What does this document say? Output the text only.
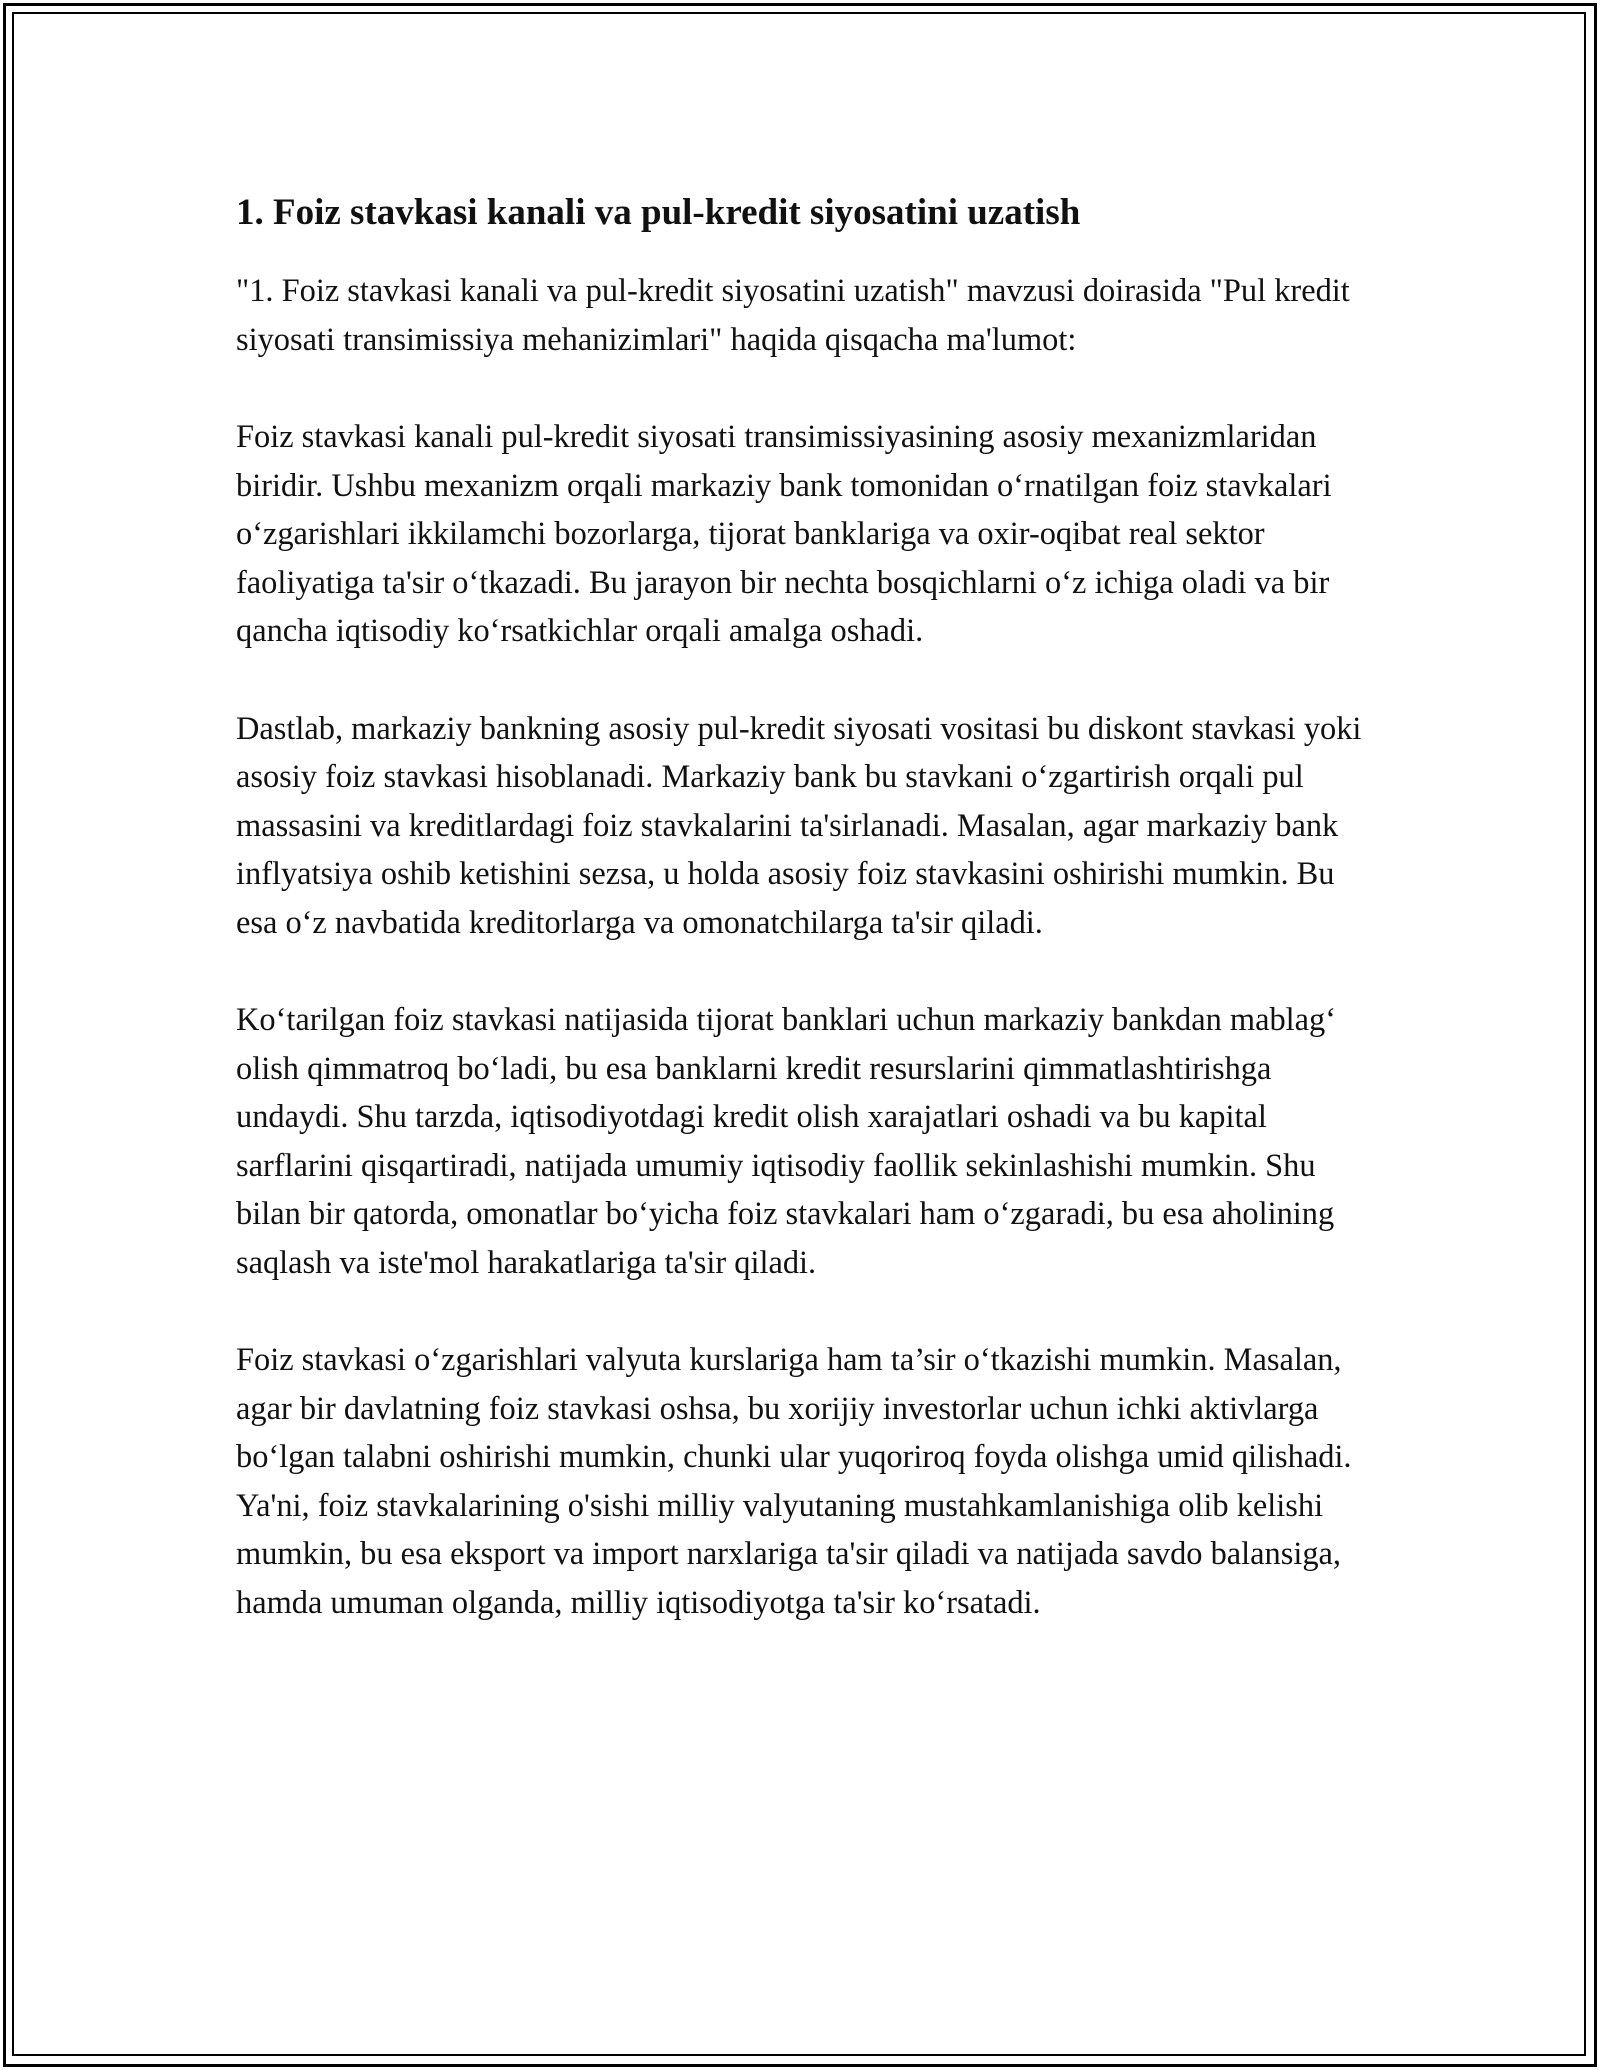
1. Foiz stavkasi kanali va pul-kredit siyosatini uzatish

"1. Foiz stavkasi kanali va pul-kredit siyosatini uzatish" mavzusi doirasida "Pul kredit siyosati transimissiya mehanizimlari" haqida qisqacha ma'lumot:

Foiz stavkasi kanali pul-kredit siyosati transimissiyasining asosiy mexanizmlaridan biridir. Ushbu mexanizm orqali markaziy bank tomonidan o‘rnatilgan foiz stavkalari o‘zgarishlari ikkilamchi bozorlarga, tijorat banklariga va oxir-oqibat real sektor faoliyatiga ta'sir o‘tkazadi. Bu jarayon bir nechta bosqichlarni o‘z ichiga oladi va bir qancha iqtisodiy ko‘rsatkichlar orqali amalga oshadi.

Dastlab, markaziy bankning asosiy pul-kredit siyosati vositasi bu diskont stavkasi yoki asosiy foiz stavkasi hisoblanadi. Markaziy bank bu stavkani o‘zgartirish orqali pul massasini va kreditlardagi foiz stavkalarini ta'sirlanadi. Masalan, agar markaziy bank inflyatsiya oshib ketishini sezsa, u holda asosiy foiz stavkasini oshirishi mumkin. Bu esa o‘z navbatida kreditorlarga va omonatchilarga ta'sir qiladi.

Ko‘tarilgan foiz stavkasi natijasida tijorat banklari uchun markaziy bankdan mablag‘ olish qimmatroq bo‘ladi, bu esa banklarni kredit resurslarini qimmatlashtirishga undaydi. Shu tarzda, iqtisodiyotdagi kredit olish xarajatlari oshadi va bu kapital sarflarini qisqartiradi, natijada umumiy iqtisodiy faollik sekinlashishi mumkin. Shu bilan bir qatorda, omonatlar bo‘yicha foiz stavkalari ham o‘zgaradi, bu esa aholining saqlash va iste'mol harakatlariga ta'sir qiladi.

Foiz stavkasi o‘zgarishlari valyuta kurslariga ham ta’sir o‘tkazishi mumkin. Masalan, agar bir davlatning foiz stavkasi oshsa, bu xorijiy investorlar uchun ichki aktivlarga bo‘lgan talabni oshirishi mumkin, chunki ular yuqoriroq foyda olishga umid qilishadi. Ya'ni, foiz stavkalarining o'sishi milliy valyutaning mustahkamlanishiga olib kelishi mumkin, bu esa eksport va import narxlariga ta'sir qiladi va natijada savdo balansiga, hamda umuman olganda, milliy iqtisodiyotga ta'sir ko‘rsatadi.
